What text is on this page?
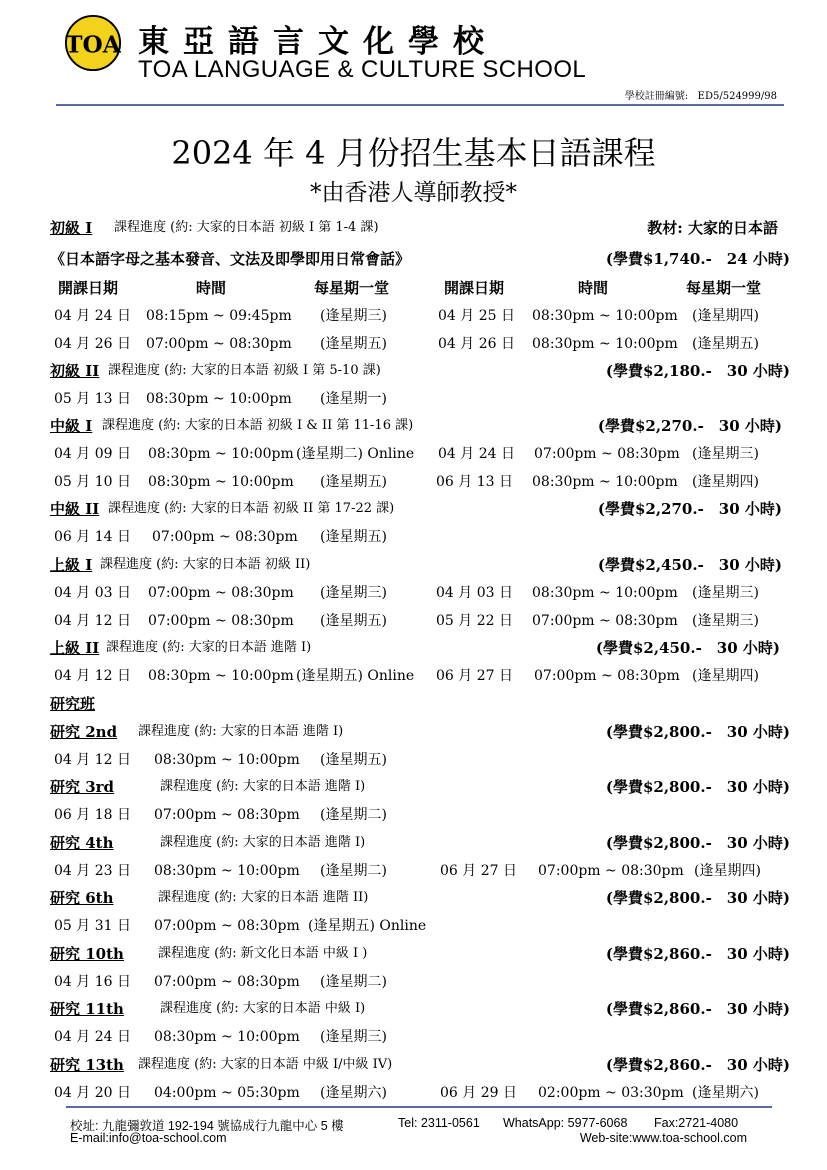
TOA 東亞語言文化學校
TOA LANGUAGE & CULTURE SCHOOL
學校註冊編號: ED5/524999/98
2024 年 4 月份招生基本日語課程
*由香港人導師教授*
初級 I 課程進度 (約: 大家的日本語 初級 I 第 1-4 課)	教材: 大家的日本語
《日本語字母之基本發音、文法及即學即用日常會話》	(學費$1,740.-　24 小時)
開課日期	時間	每星期一堂	開課日期	時間	每星期一堂
04 月 24 日 08:15pm ~ 09:45pm (逢星期三)	04 月 25 日 08:30pm ~ 10:00pm (逢星期四)
04 月 26 日 07:00pm ~ 08:30pm (逢星期五)	04 月 26 日 08:30pm ~ 10:00pm (逢星期五)
初級 II 課程進度 (約: 大家的日本語 初級 I 第 5-10 課)	(學費$2,180.-　30 小時)
05 月 13 日 08:30pm ~ 10:00pm (逢星期一)
中級 I 課程進度 (約: 大家的日本語 初級 I & II 第 11-16 課)	(學費$2,270.-　30 小時)
04 月 09 日 08:30pm ~ 10:00pm (逢星期二) Online 04 月 24 日 07:00pm ~ 08:30pm (逢星期三)
05 月 10 日 08:30pm ~ 10:00pm (逢星期五)	06 月 13 日 08:30pm ~ 10:00pm (逢星期四)
中級 II 課程進度 (約: 大家的日本語 初級 II 第 17-22 課)	(學費$2,270.-　30 小時)
06 月 14 日 07:00pm ~ 08:30pm (逢星期五)
上級 I 課程進度 (約: 大家的日本語 初級 II)	(學費$2,450.-　30 小時)
04 月 03 日 07:00pm ~ 08:30pm (逢星期三)	04 月 03 日 08:30pm ~ 10:00pm (逢星期三)
04 月 12 日 07:00pm ~ 08:30pm (逢星期五)	05 月 22 日 07:00pm ~ 08:30pm (逢星期三)
上級 II 課程進度 (約: 大家的日本語 進階 I)	(學費$2,450.-　30 小時)
04 月 12 日 08:30pm ~ 10:00pm (逢星期五) Online 06 月 27 日 07:00pm ~ 08:30pm (逢星期四)
研究班
研究 2nd 課程進度 (約: 大家的日本語 進階 I)	(學費$2,800.-　30 小時)
04 月 12 日 08:30pm ~ 10:00pm (逢星期五)
研究 3rd	課程進度 (約: 大家的日本語 進階 I)	(學費$2,800.-　30 小時)
06 月 18 日 07:00pm ~ 08:30pm (逢星期二)
研究 4th	課程進度 (約: 大家的日本語 進階 I)	(學費$2,800.-　30 小時)
04 月 23 日 08:30pm ~ 10:00pm (逢星期二)	06 月 27 日 07:00pm ~ 08:30pm (逢星期四)
研究 6th	課程進度 (約: 大家的日本語 進階 II)	(學費$2,800.-　30 小時)
05 月 31 日 07:00pm ~ 08:30pm (逢星期五) Online
研究 10th	課程進度 (約: 新文化日本語 中級 I )	(學費$2,860.-　30 小時)
04 月 16 日 07:00pm ~ 08:30pm (逢星期二)
研究 11th	課程進度 (約: 大家的日本語 中級 I)	(學費$2,860.-　30 小時)
04 月 24 日 08:30pm ~ 10:00pm (逢星期三)
研究 13th 課程進度 (約: 大家的日本語 中級 I/中級 IV)	(學費$2,860.-　30 小時)
04 月 20 日 04:00pm ~ 05:30pm (逢星期六)	06 月 29 日 02:00pm ~ 03:30pm (逢星期六)
校址: 九龍彌敦道 192-194 號協成行九龍中心 5 樓	Tel: 2311-0561 WhatsApp: 5977-6068 Fax:2721-4080
E-mail:info@toa-school.com	Web-site:www.toa-school.com
